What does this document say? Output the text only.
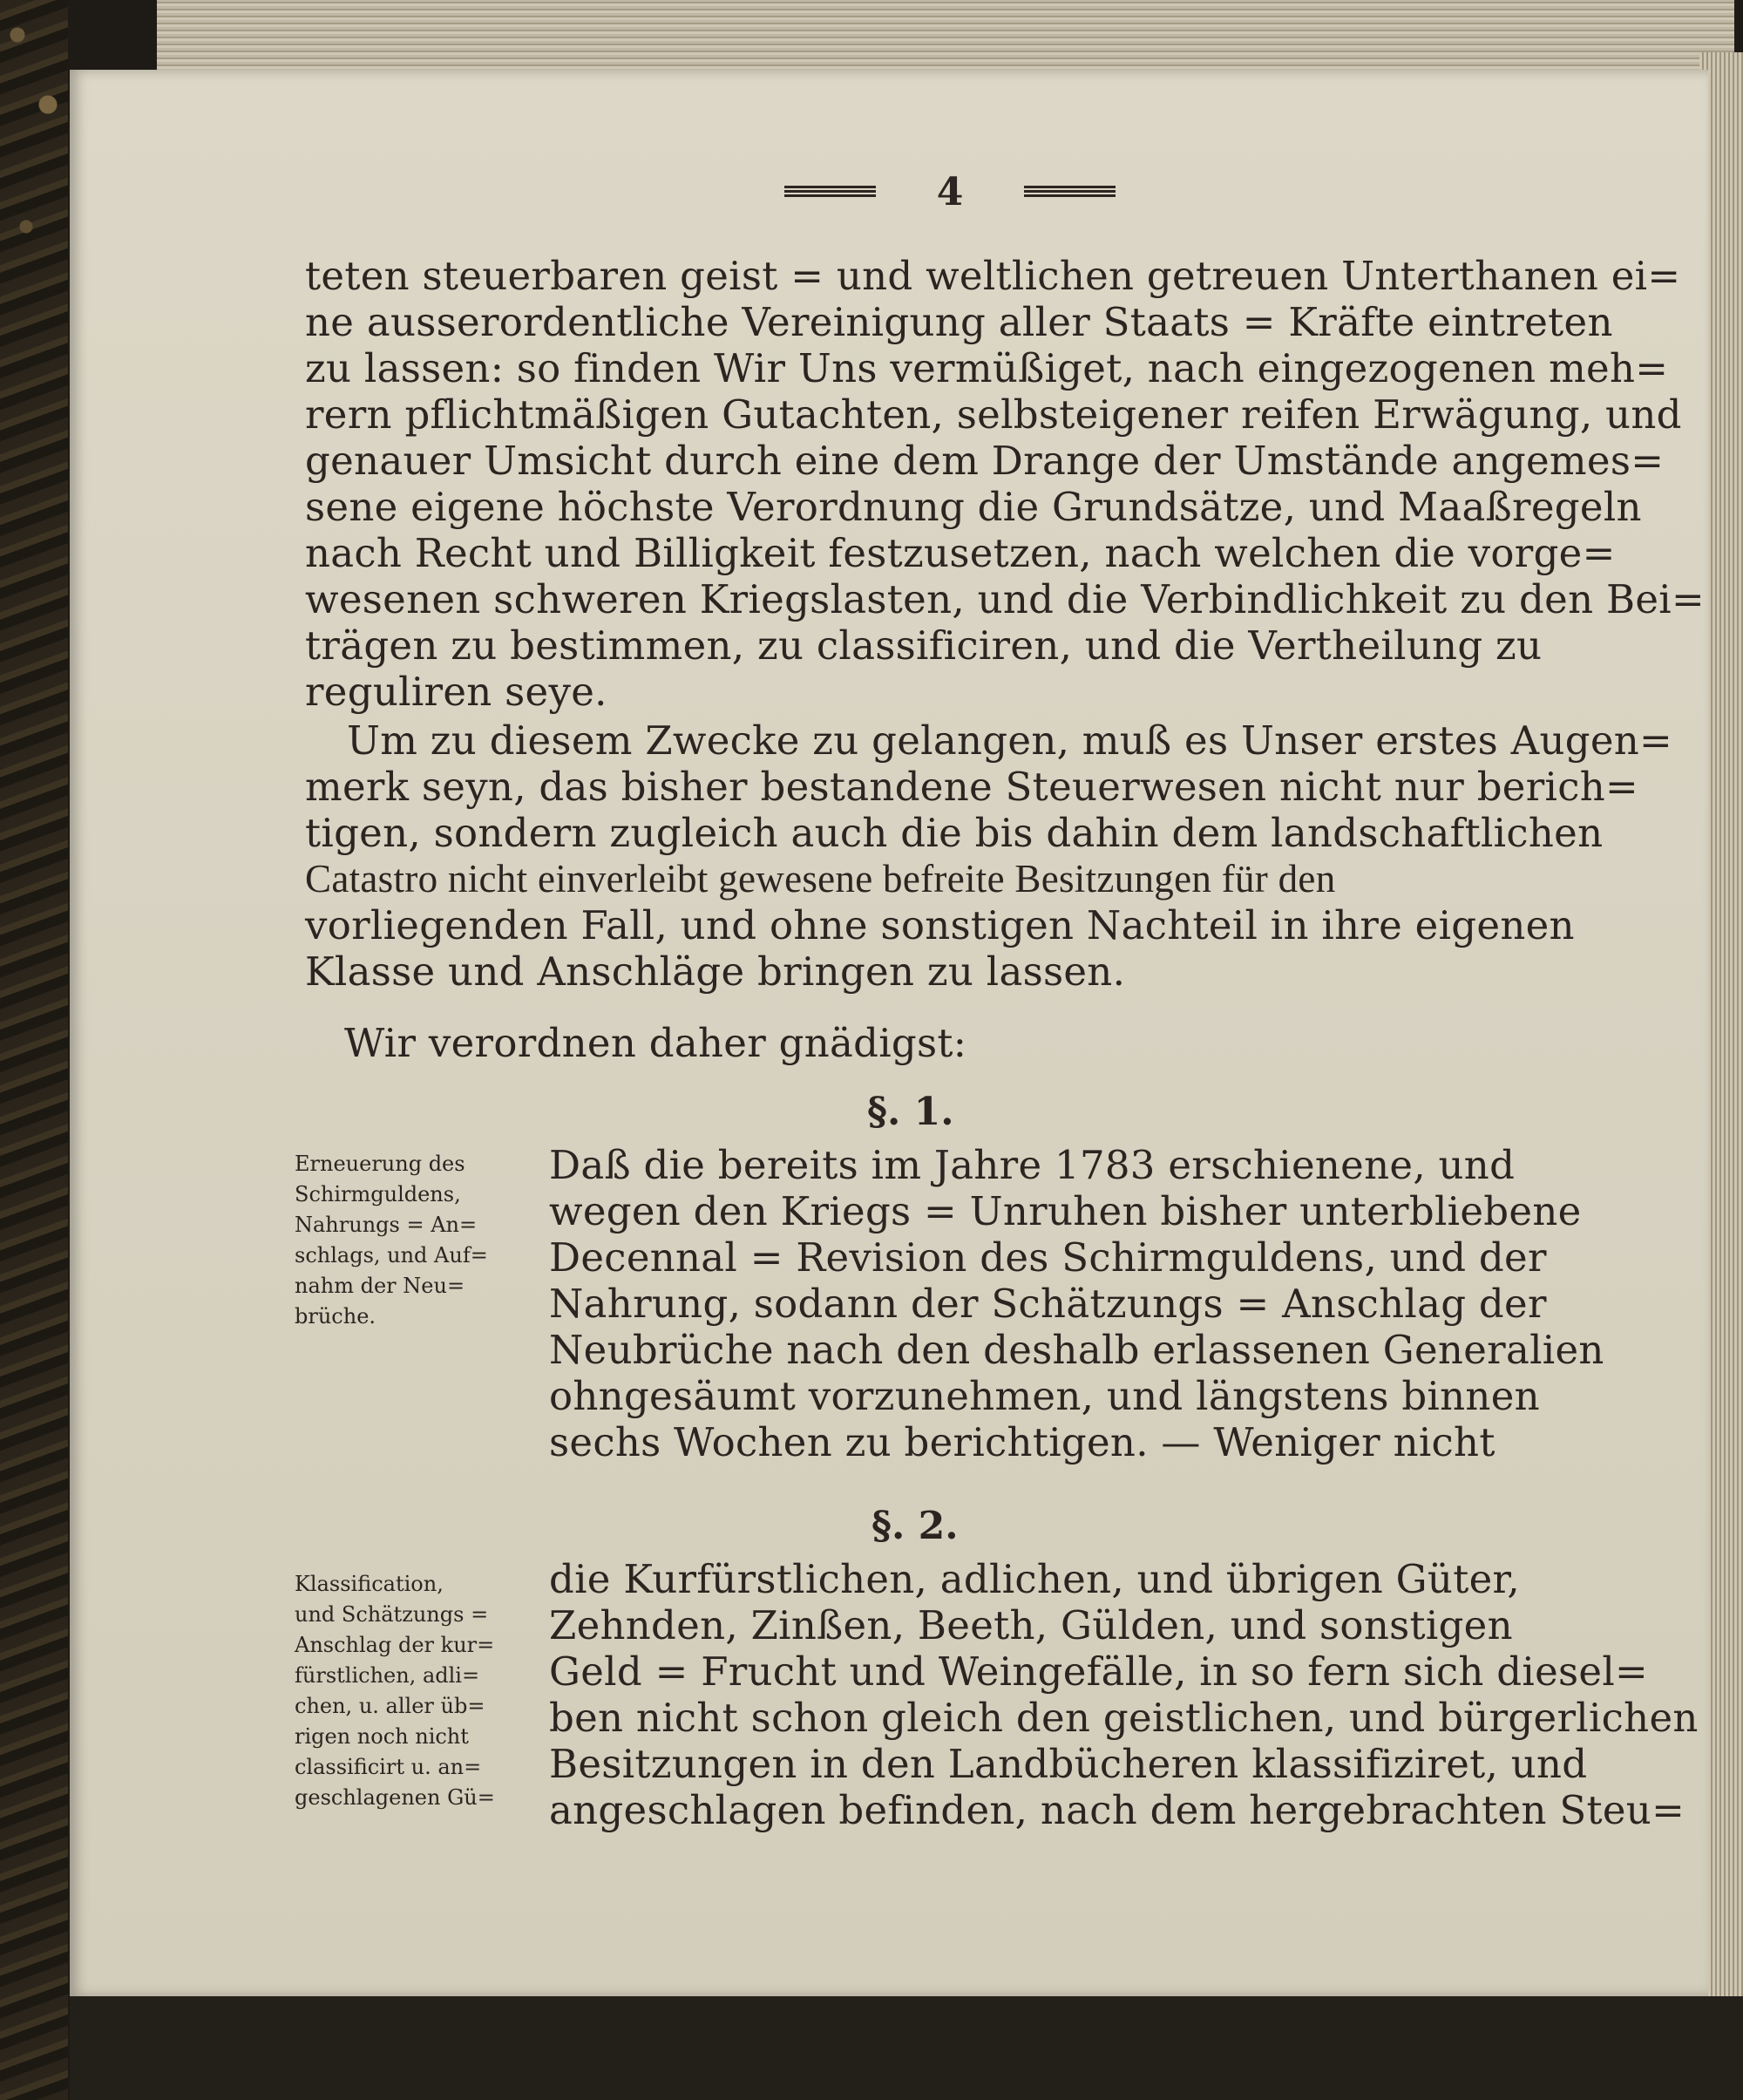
4
teten steuerbaren geist = und weltlichen getreuen Unterthanen ei=
ne ausserordentliche Vereinigung aller Staats = Kräfte eintreten
zu lassen: so finden Wir Uns vermüßiget, nach eingezogenen meh=
rern pflichtmäßigen Gutachten, selbsteigener reifen Erwägung, und
genauer Umsicht durch eine dem Drange der Umstände angemes=
sene eigene höchste Verordnung die Grundsätze, und Maaßregeln
nach Recht und Billigkeit festzusetzen, nach welchen die vorge=
wesenen schweren Kriegslasten, und die Verbindlichkeit zu den Bei=
trägen zu bestimmen, zu classificiren, und die Vertheilung zu
reguliren seye.
Um zu diesem Zwecke zu gelangen, muß es Unser erstes Augen=
merk seyn, das bisher bestandene Steuerwesen nicht nur berich=
tigen, sondern zugleich auch die bis dahin dem landschaftlichen
Catastro nicht einverleibt gewesene befreite Besitzungen für den
vorliegenden Fall, und ohne sonstigen Nachteil in ihre eigenen
Klasse und Anschläge bringen zu lassen.
Wir verordnen daher gnädigst:
§. 1.
Erneuerung des
Schirmguldens,
Nahrungs = An=
schlags, und Auf=
nahm der Neu=
brüche.
Daß die bereits im Jahre 1783 erschienene, und
wegen den Kriegs = Unruhen bisher unterbliebene
Decennal = Revision des Schirmguldens, und der
Nahrung, sodann der Schätzungs = Anschlag der
Neubrüche nach den deshalb erlassenen Generalien
ohngesäumt vorzunehmen, und längstens binnen
sechs Wochen zu berichtigen. — Weniger nicht
§. 2.
Klassification,
und Schätzungs =
Anschlag der kur=
fürstlichen, adli=
chen, u. aller üb=
rigen noch nicht
classificirt u. an=
geschlagenen Gü=
die Kurfürstlichen, adlichen, und übrigen Güter,
Zehnden, Zinßen, Beeth, Gülden, und sonstigen
Geld = Frucht und Weingefälle, in so fern sich diesel=
ben nicht schon gleich den geistlichen, und bürgerlichen
Besitzungen in den Landbücheren klassifiziret, und
angeschlagen befinden, nach dem hergebrachten Steu=
